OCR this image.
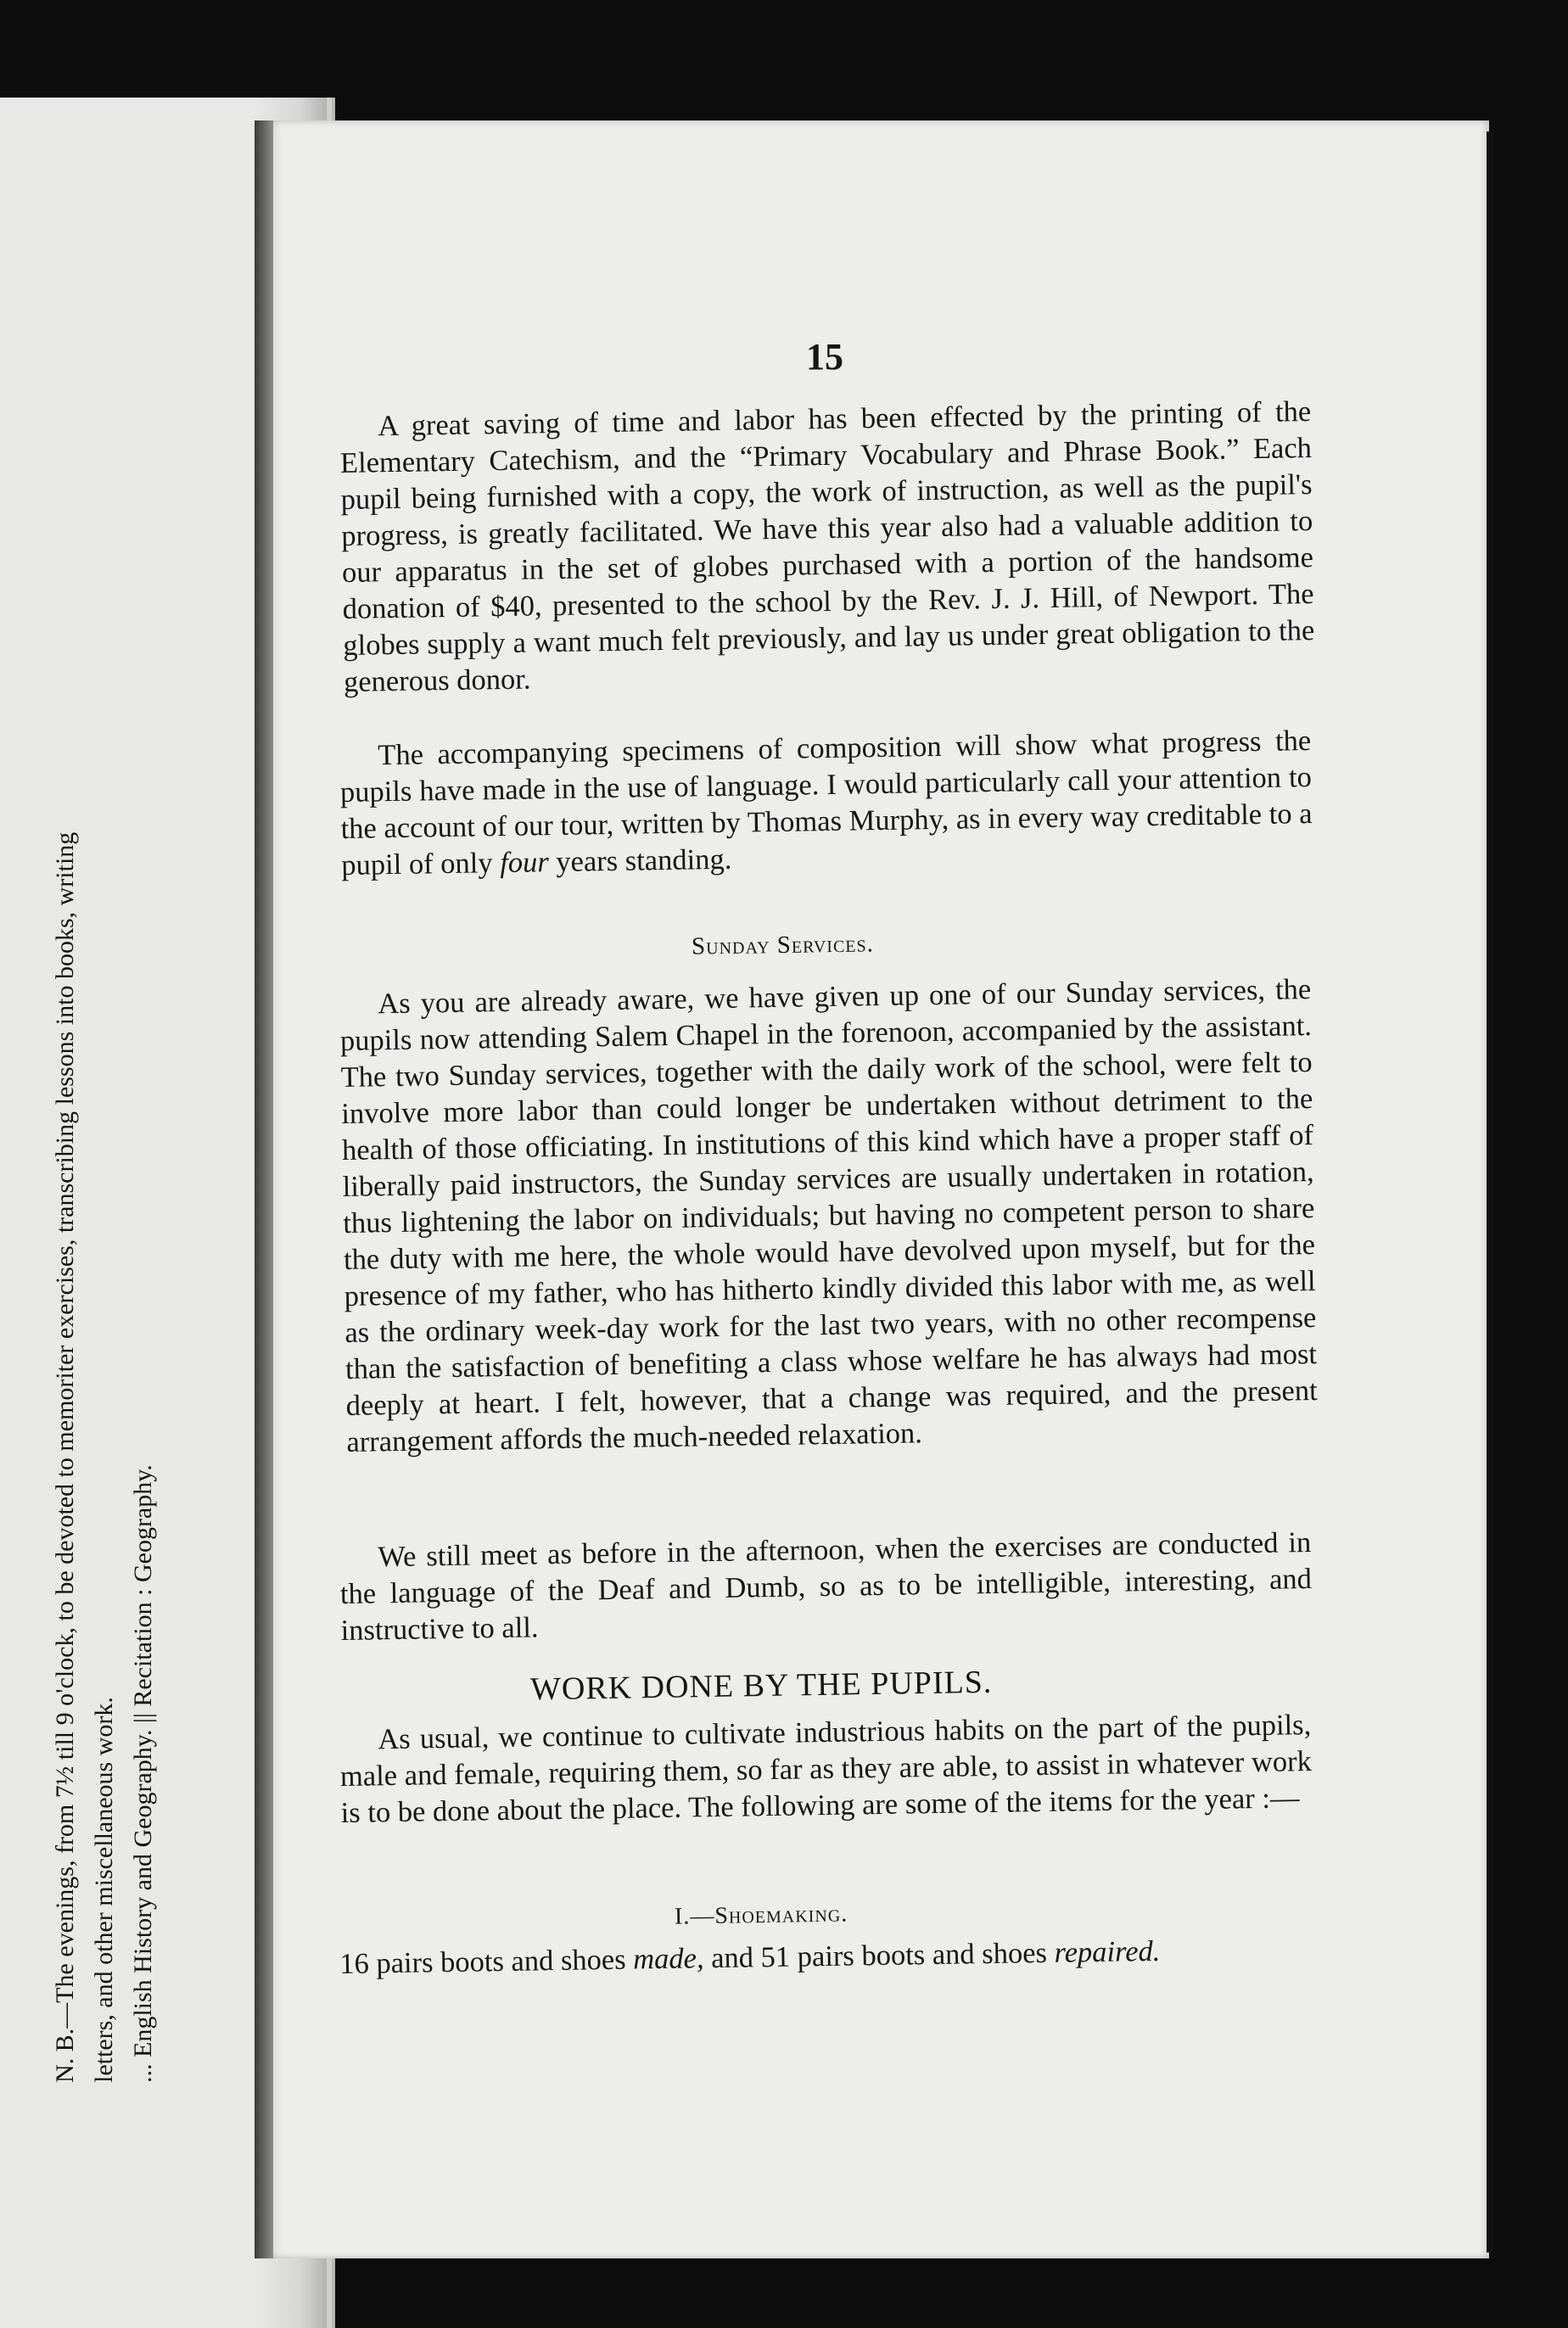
... English History and Geography. || Recitation : Geography.
N. B.—The evenings, from 7½ till 9 o'clock, to be devoted to memoriter exercises, transcribing lessons into books, writing letters, and other miscellaneous work.
15

A great saving of time and labor has been effected by the printing of the Elementary Catechism, and the “Primary Vocabulary and Phrase Book.” Each pupil being furnished with a copy, the work of instruction, as well as the pupil's progress, is greatly facilitated. We have this year also had a valuable addition to our apparatus in the set of globes purchased with a portion of the handsome donation of $40, presented to the school by the Rev. J. J. Hill, of Newport. The globes supply a want much felt previously, and lay us under great obligation to the generous donor.

The accompanying specimens of composition will show what progress the pupils have made in the use of language. I would particularly call your attention to the account of our tour, written by Thomas Murphy, as in every way creditable to a pupil of only four years standing.

Sunday Services.

As you are already aware, we have given up one of our Sunday services, the pupils now attending Salem Chapel in the forenoon, accompanied by the assistant. The two Sunday services, together with the daily work of the school, were felt to involve more labor than could longer be undertaken without detriment to the health of those officiating. In institutions of this kind which have a proper staff of liberally paid instructors, the Sunday services are usually undertaken in rotation, thus lightening the labor on individuals; but having no competent person to share the duty with me here, the whole would have devolved upon myself, but for the presence of my father, who has hitherto kindly divided this labor with me, as well as the ordinary week-day work for the last two years, with no other recompense than the satisfaction of benefiting a class whose welfare he has always had most deeply at heart. I felt, however, that a change was required, and the present arrangement affords the much-needed relaxation.

We still meet as before in the afternoon, when the exercises are conducted in the language of the Deaf and Dumb, so as to be intelligible, interesting, and instructive to all.

WORK DONE BY THE PUPILS.

As usual, we continue to cultivate industrious habits on the part of the pupils, male and female, requiring them, so far as they are able, to assist in whatever work is to be done about the place. The following are some of the items for the year :—

I.—Shoemaking.

16 pairs boots and shoes made, and 51 pairs boots and shoes repaired.
